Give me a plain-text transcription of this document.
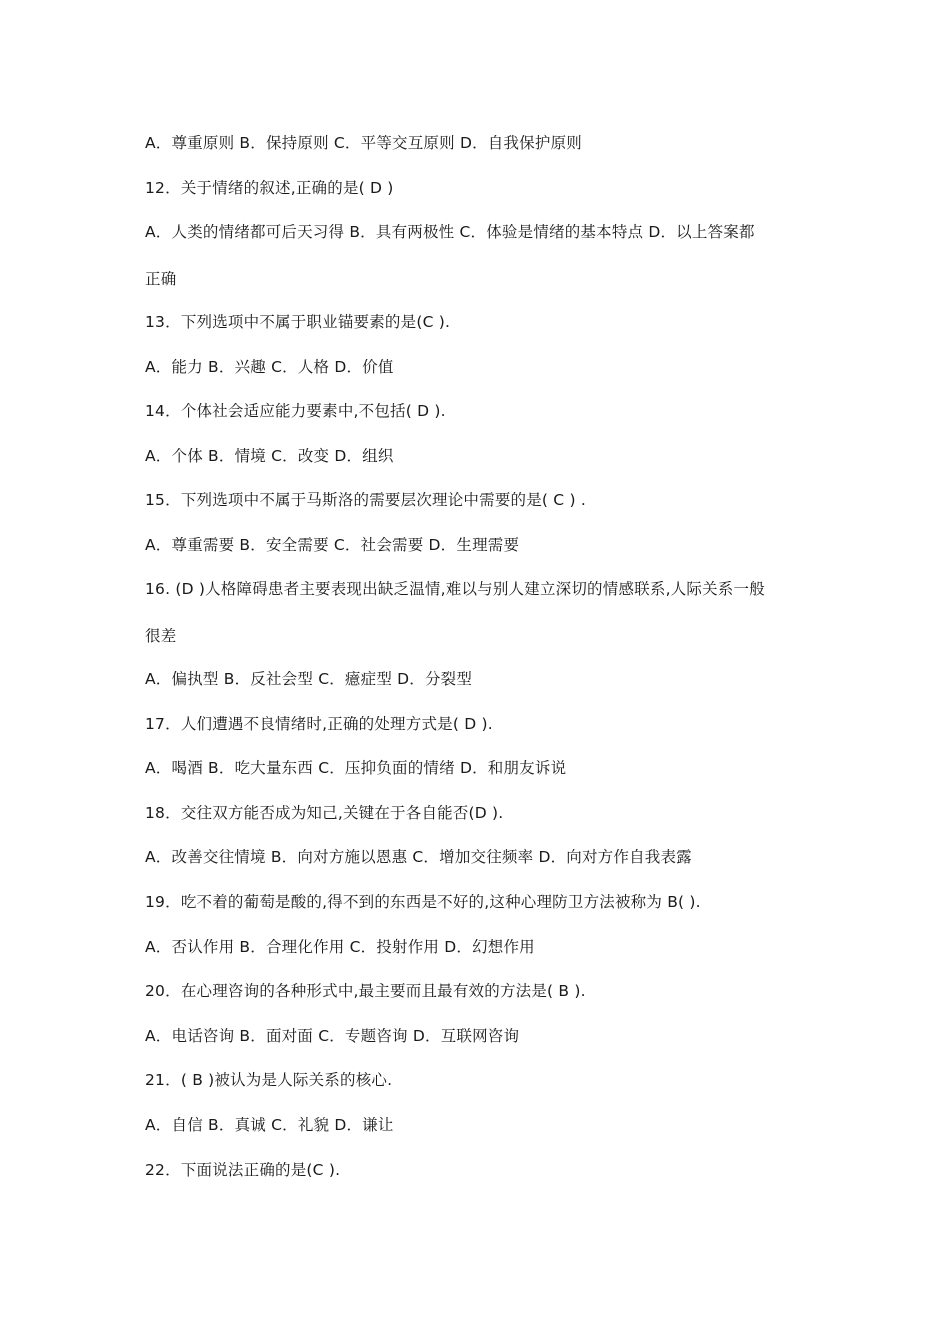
A．尊重原则 B．保持原则 C．平等交互原则 D．自我保护原则
12．关于情绪的叙述,正确的是( D )
A．人类的情绪都可后天习得 B．具有两极性 C．体验是情绪的基本特点 D．以上答案都
正确
13．下列选项中不属于职业锚要素的是(C ).
A．能力 B．兴趣 C．人格 D．价值
14．个体社会适应能力要素中,不包括( D ).
A．个体 B．情境 C．改变 D．组织
15．下列选项中不属于马斯洛的需要层次理论中需要的是( C ) .
A．尊重需要 B．安全需要 C．社会需要 D．生理需要
16. (D )人格障碍患者主要表现出缺乏温情,难以与别人建立深切的情感联系,人际关系一般
很差
A．偏执型 B．反社会型 C．癔症型 D．分裂型
17．人们遭遇不良情绪时,正确的处理方式是( D ).
A．喝酒 B．吃大量东西 C．压抑负面的情绪 D．和朋友诉说
18．交往双方能否成为知己,关键在于各自能否(D ).
A．改善交往情境 B．向对方施以恩惠 C．增加交往频率 D．向对方作自我表露
19．吃不着的葡萄是酸的,得不到的东西是不好的,这种心理防卫方法被称为 B( ).
A．否认作用 B．合理化作用 C．投射作用 D．幻想作用
20．在心理咨询的各种形式中,最主要而且最有效的方法是( B ).
A．电话咨询 B．面对面 C．专题咨询 D．互联网咨询
21．( B )被认为是人际关系的核心.
A．自信 B．真诚 C．礼貌 D．谦让
22．下面说法正确的是(C ).
